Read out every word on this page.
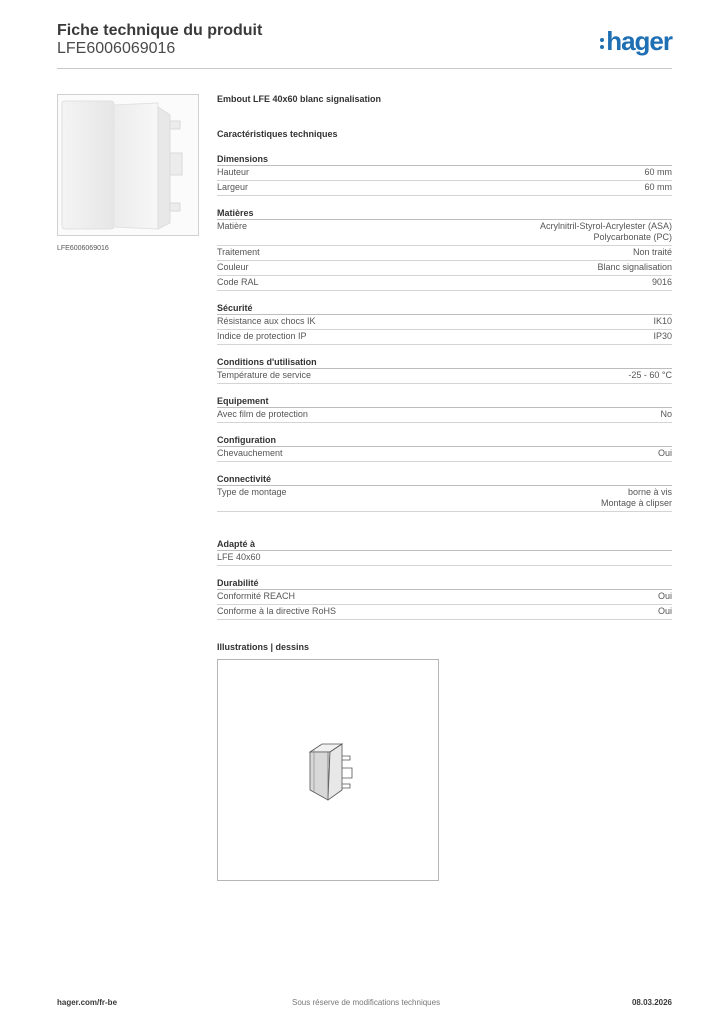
Fiche technique du produit
LFE6006069016	hager
LFE6006069016
Embout LFE 40x60 blanc signalisation
Caractéristiques techniques
Dimensions
Hauteur	60 mm
Largeur	60 mm
Matières
Matière	Acrylnitril-Styrol-Acrylester (ASA)
Polycarbonate (PC)
Traitement	Non traité
Couleur	Blanc signalisation
Code RAL	9016
Sécurité
Résistance aux chocs IK	IK10
Indice de protection IP	IP30
Conditions d'utilisation
Température de service	-25 - 60 °C
Equipement
Avec film de protection	No
Configuration
Chevauchement	Oui
Connectivité
Type de montage	borne à vis
Montage à clipser
Adapté à
LFE 40x60
Durabilité
Conformité REACH	Oui
Conforme à la directive RoHS	Oui
Illustrations | dessins
hager.com/fr-be	Sous réserve de modifications techniques	08.03.2026
